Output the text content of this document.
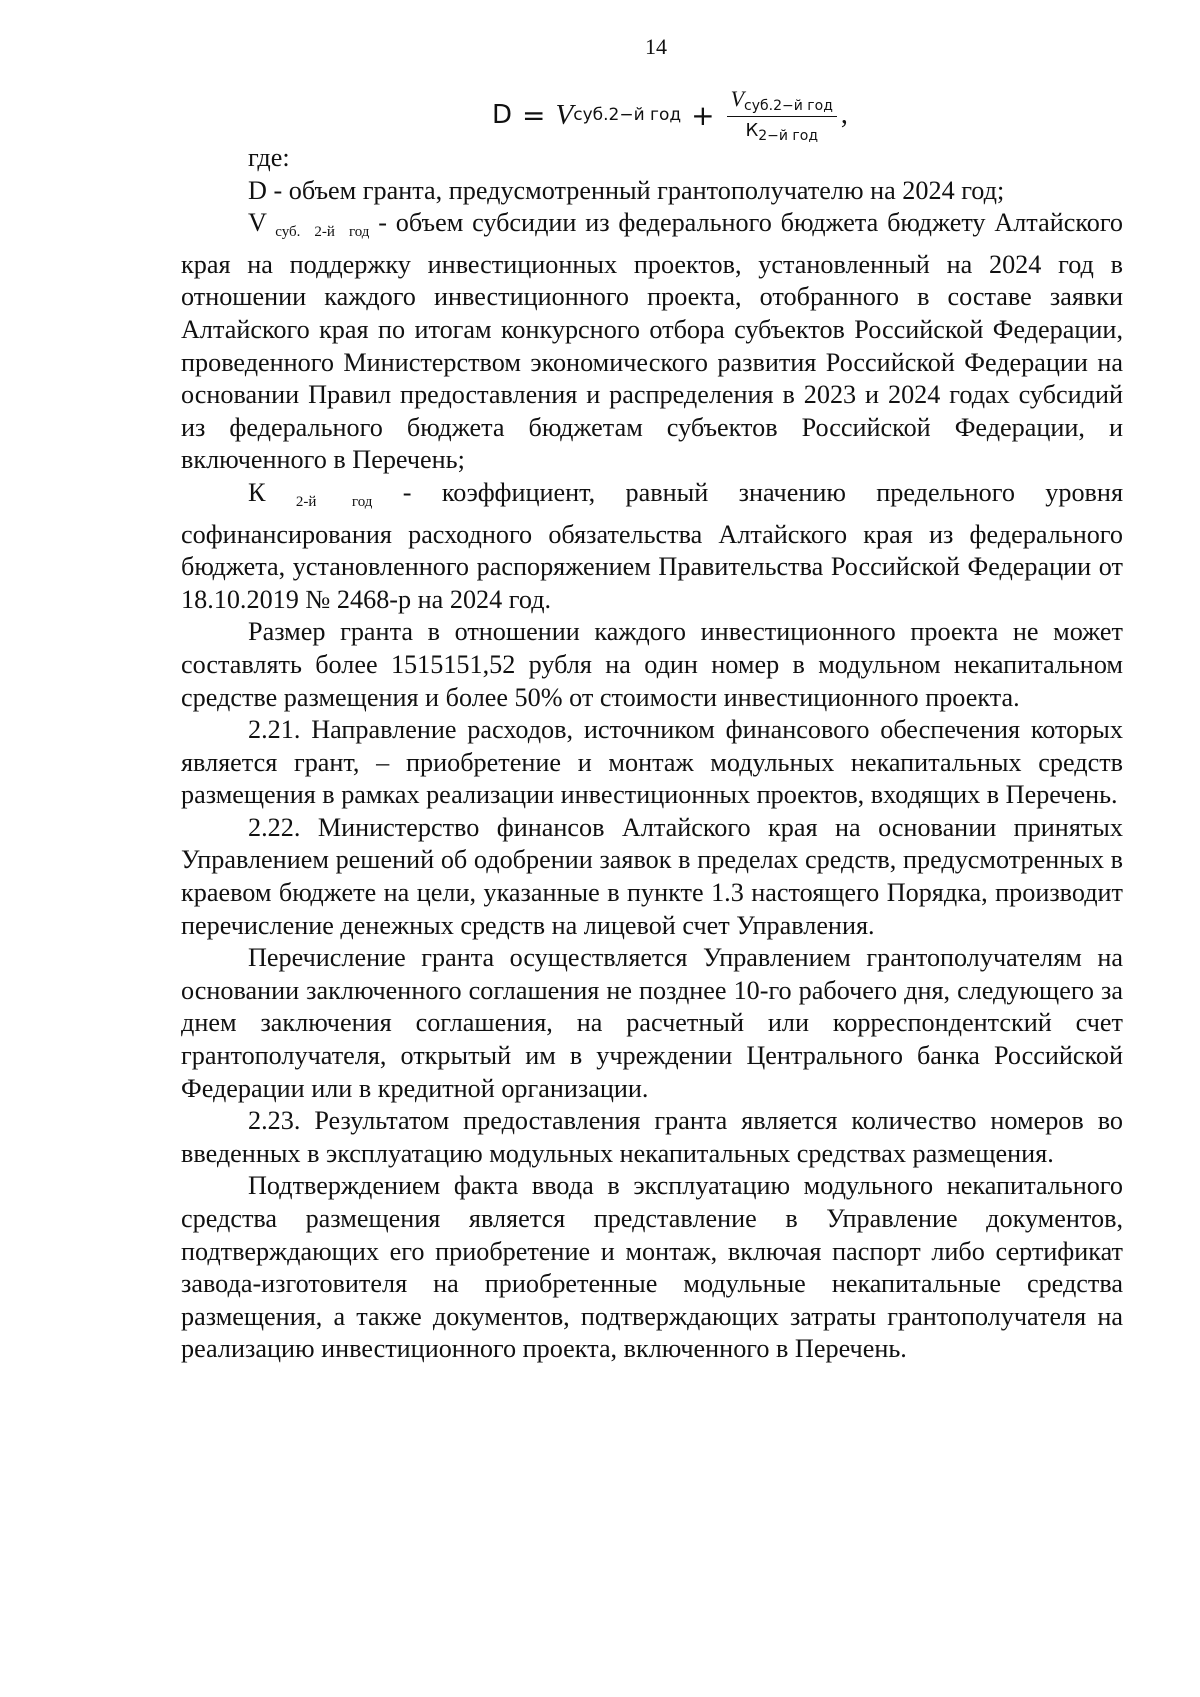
14
D = V суб.2−й год + $\frac{\text{Vсуб.2−й год}}{К_{2-й год}}$ ,

где:

D - объем гранта, предусмотренный грантополучателю на 2024 год;

V суб. 2-й год - объем субсидии из федерального бюджета бюджету Алтайского края на поддержку инвестиционных проектов, установленный на 2024 год в отношении каждого инвестиционного проекта, отобранного в составе заявки Алтайского края по итогам конкурсного отбора субъектов Российской Федерации, проведенного Министерством экономического развития Российской Федерации на основании Правил предоставления и распределения в 2023 и 2024 годах субсидий из федерального бюджета бюджетам субъектов Российской Федерации, и включенного в Перечень;

К 2-й год - коэффициент, равный значению предельного уровня софинансирования расходного обязательства Алтайского края из федерального бюджета, установленного распоряжением Правительства Российской Федерации от 18.10.2019 № 2468-р на 2024 год.

Размер гранта в отношении каждого инвестиционного проекта не может составлять более 1515151,52 рубля на один номер в модульном некапитальном средстве размещения и более 50% от стоимости инвестиционного проекта.

2.21. Направление расходов, источником финансового обеспечения которых является грант, – приобретение и монтаж модульных некапитальных средств размещения в рамках реализации инвестиционных проектов, входящих в Перечень.

2.22. Министерство финансов Алтайского края на основании принятых Управлением решений об одобрении заявок в пределах средств, предусмотренных в краевом бюджете на цели, указанные в пункте 1.3 настоящего Порядка, производит перечисление денежных средств на лицевой счет Управления.

Перечисление гранта осуществляется Управлением грантополучателям на основании заключенного соглашения не позднее 10-го рабочего дня, следующего за днем заключения соглашения, на расчетный или корреспондентский счет грантополучателя, открытый им в учреждении Центрального банка Российской Федерации или в кредитной организации.

2.23. Результатом предоставления гранта является количество номеров во введенных в эксплуатацию модульных некапитальных средствах размещения.

Подтверждением факта ввода в эксплуатацию модульного некапитального средства размещения является представление в Управление документов, подтверждающих его приобретение и монтаж, включая паспорт либо сертификат завода-изготовителя на приобретенные модульные некапитальные средства размещения, а также документов, подтверждающих затраты грантополучателя на реализацию инвестиционного проекта, включенного в Перечень.
